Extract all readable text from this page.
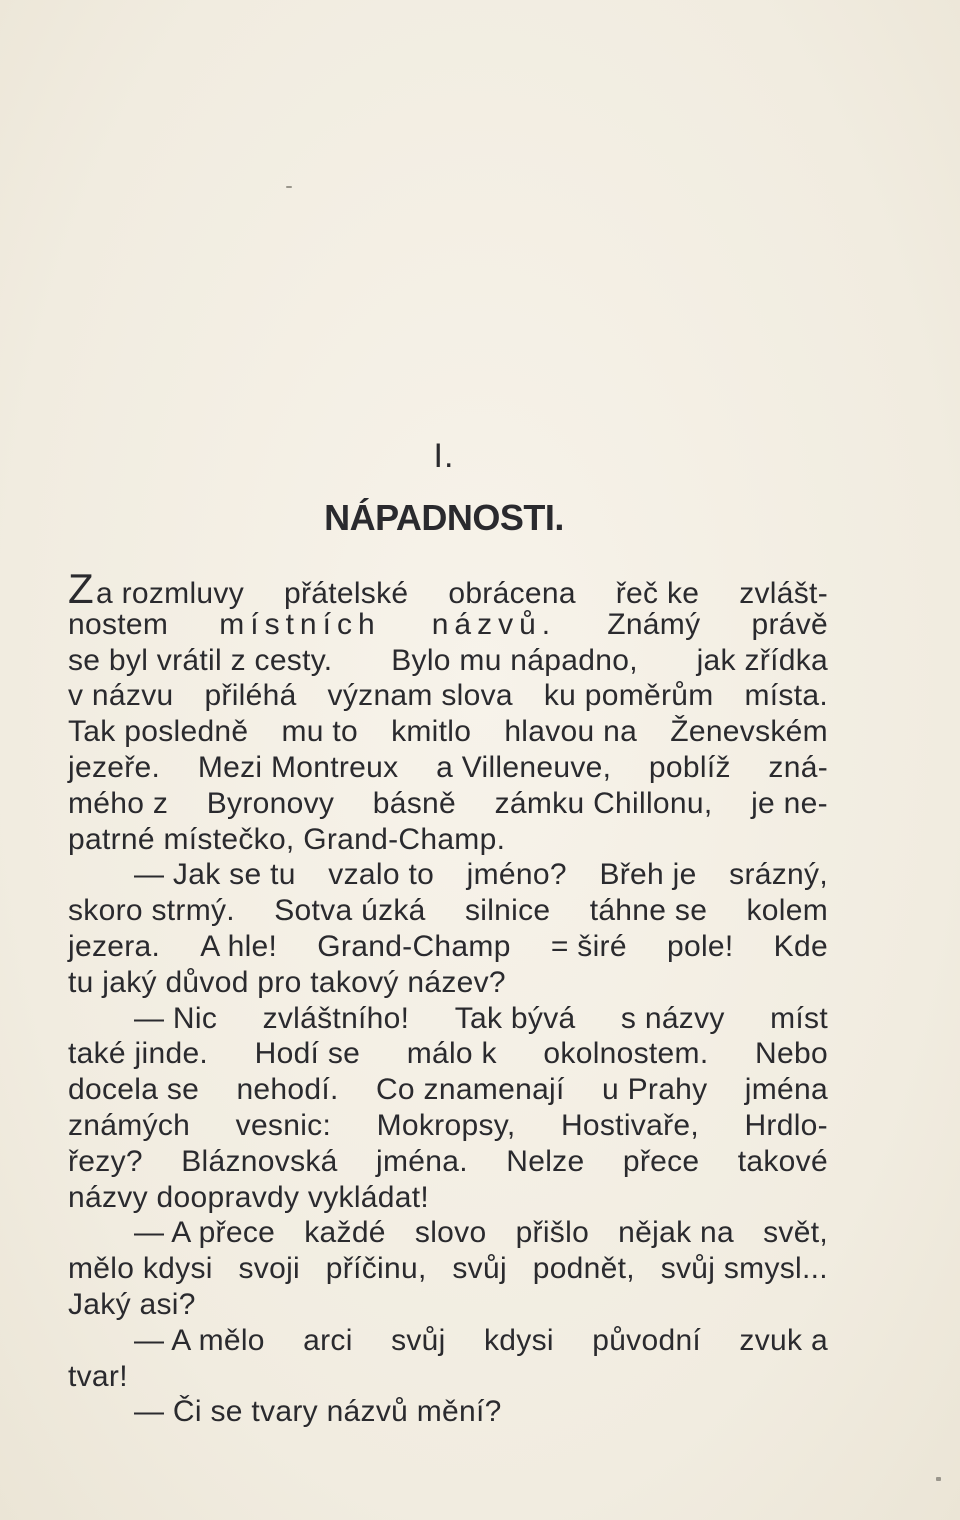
I.
NÁPADNOSTI.
Za rozmluvy přátelské obrácena řeč ke zvlášt-
nostem místních názvů. Známý právě
se byl vrátil z cesty. Bylo mu nápadno, jak zřídka
v názvu přiléhá význam slova ku poměrům místa.
Tak posledně mu to kmitlo hlavou na Ženevském
jezeře. Mezi Montreux a Villeneuve, poblíž zná-
mého z Byronovy básně zámku Chillonu, je ne-
patrné místečko, Grand-Champ.
— Jak se tu vzalo to jméno? Břeh je srázný,
skoro strmý. Sotva úzká silnice táhne se kolem
jezera. A hle! Grand-Champ = širé pole! Kde
tu jaký důvod pro takový název?
— Nic zvláštního! Tak bývá s názvy míst
také jinde. Hodí se málo k okolnostem. Nebo
docela se nehodí. Co znamenají u Prahy jména
známých vesnic: Mokropsy, Hostivaře, Hrdlo-
řezy? Bláznovská jména. Nelze přece takové
názvy doopravdy vykládat!
— A přece každé slovo přišlo nějak na svět,
mělo kdysi svoji příčinu, svůj podnět, svůj smysl...
Jaký asi?
— A mělo arci svůj kdysi původní zvuk a
tvar!
— Či se tvary názvů mění?
